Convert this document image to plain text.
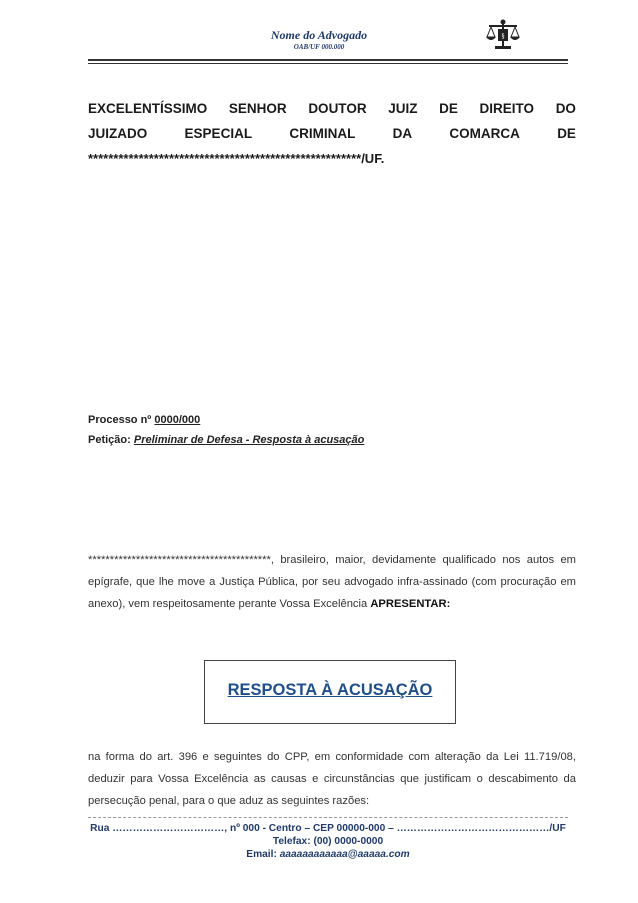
Nome do Advogado
OAB/UF 000.000
§
EXCELENTÍSSIMO SENHOR DOUTOR JUIZ DE DIREITO DO
JUIZADO	ESPECIAL	CRIMINAL	DA	COMARCA	DE
******************************************************/UF.
Processo nº 0000/000
Petição: Preliminar de Defesa - Resposta à acusação
******************************************, brasileiro, maior, devidamente qualificado nos autos em epígrafe, que lhe move a Justiça Pública, por seu advogado infra-assinado (com procuração em anexo), vem respeitosamente perante Vossa Excelência APRESENTAR:
RESPOSTA À ACUSAÇÃO
na forma do art. 396 e seguintes do CPP, em conformidade com alteração da Lei 11.719/08, deduzir para Vossa Excelência as causas e circunstâncias que justificam o descabimento da persecução penal, para o que aduz as seguintes razões:
Rua ……………………………, nº 000 - Centro – CEP 00000-000 – ………………………………………/UF
Telefax: (00) 0000-0000
Email: aaaaaaaaaaaa@aaaaa.com
